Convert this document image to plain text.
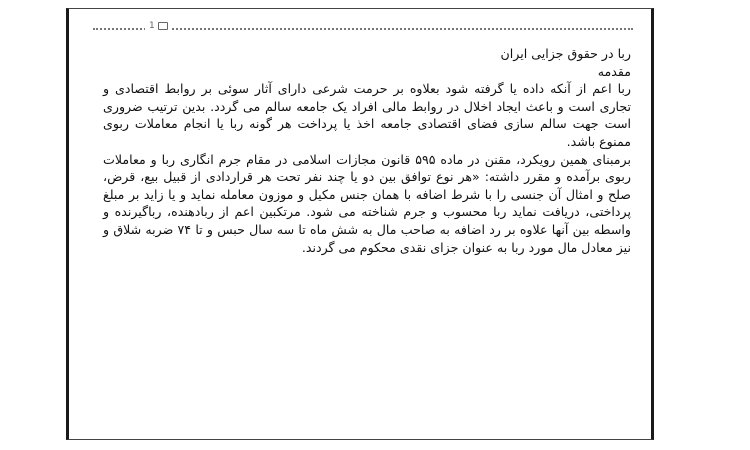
1

ربا در حقوق جزایی ایران

مقدمه

ربا اعم از آنکه داده یا گرفته شود بعلاوه بر حرمت شرعی دارای آثار سوئی بر روابط اقتصادی و تجاری است و باعث ایجاد اخلال در روابط مالی افراد یک جامعه سالم می گردد. بدین ترتیب ضروری است جهت سالم سازی فضای اقتصادی جامعه اخذ یا پرداخت هر گونه ربا یا انجام معاملات ربوی ممنوع باشد.

برمبنای همین رویکرد، مقنن در ماده ۵۹۵ قانون مجازات اسلامی در مقام جرم انگاری ربا و معاملات ربوی برآمده و مقرر داشته: «هر نوع توافق بین دو یا چند نفر تحت هر قراردادی از قبیل بیع، قرض، صلح و امثال آن جنسی را با شرط اضافه با همان جنس مکیل و موزون معامله نماید و یا زاید بر مبلغ پرداختی، دریافت نماید ربا محسوب و جرم شناخته می شود. مرتکبین اعم از ربادهنده، رباگیرنده و واسطه بین آنها علاوه بر رد اضافه به صاحب مال به شش ماه تا سه سال حبس و تا ۷۴ ضربه شلاق و نیز معادل مال مورد ربا به عنوان جزای نقدی محکوم می گردند.
